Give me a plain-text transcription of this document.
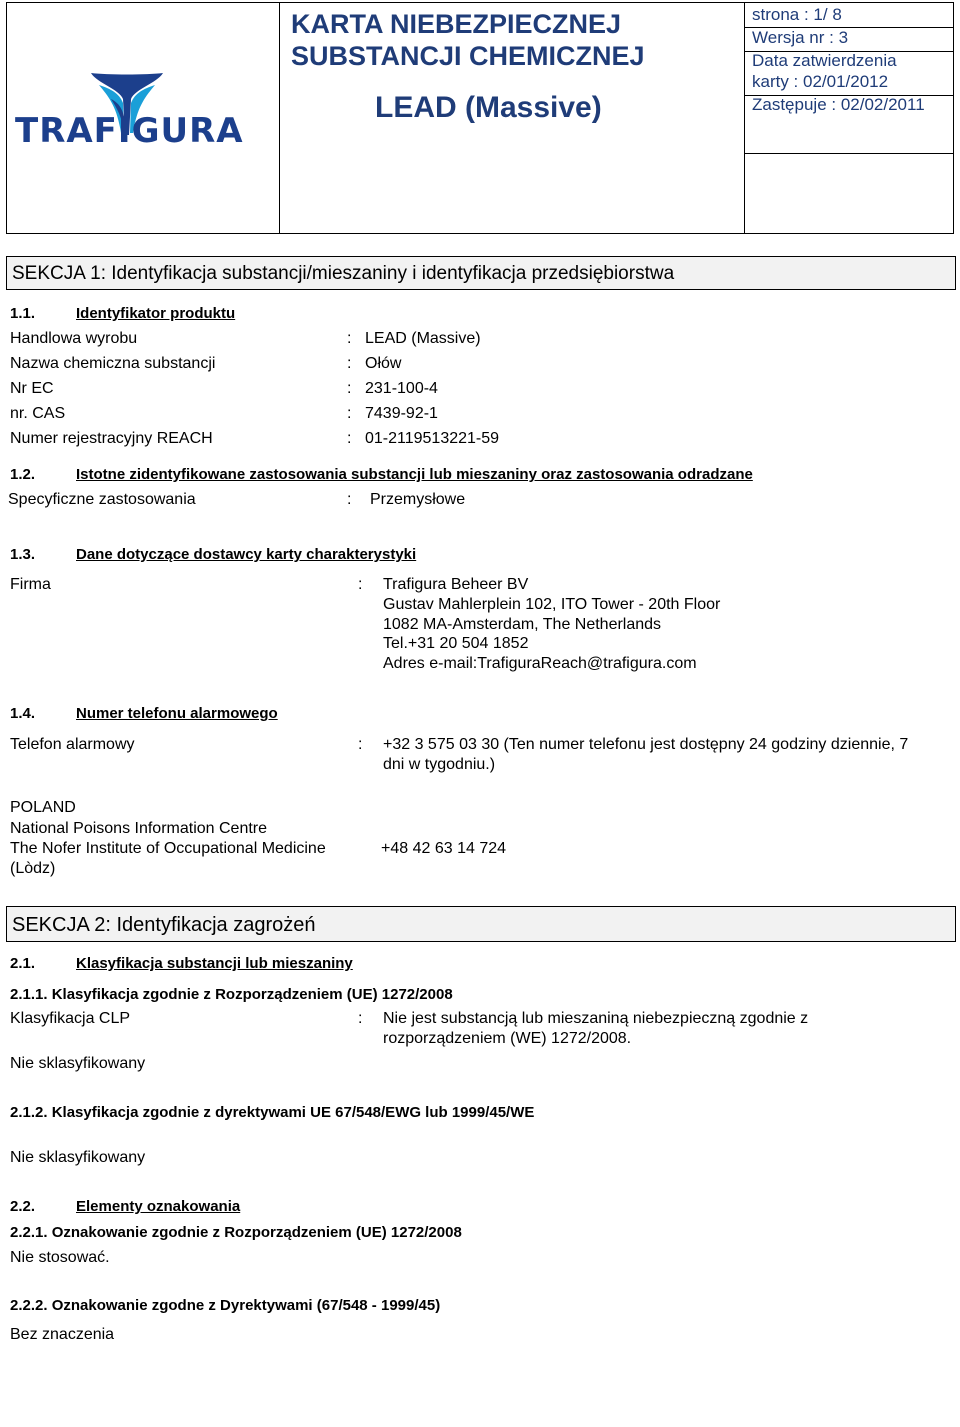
TRAFIGURA
KARTA NIEBEZPIECZNEJ
SUBSTANCJI CHEMICZNEJ
LEAD (Massive)
strona : 1/ 8
Wersja nr : 3
Data zatwierdzenia
karty : 02/01/2012
Zastępuje : 02/02/2011
SEKCJA 1: Identyfikacja substancji/mieszaniny i identyfikacja przedsiębiorstwa
1.1.	Identyfikator produktu
Handlowa wyrobu	: LEAD (Massive)
Nazwa chemiczna substancji	: Ołów
Nr EC	: 231-100-4
nr. CAS	: 7439-92-1
Numer rejestracyjny REACH	: 01-2119513221-59
1.2.	Istotne zidentyfikowane zastosowania substancji lub mieszaniny oraz zastosowania odradzane
Specyficzne zastosowania	: Przemysłowe
1.3.	Dane dotyczące dostawcy karty charakterystyki
Firma	: Trafigura Beheer BV
Gustav Mahlerplein 102, ITO Tower - 20th Floor
1082 MA-Amsterdam, The Netherlands
Tel.+31 20 504 1852
Adres e-mail:TrafiguraReach@trafigura.com
1.4.	Numer telefonu alarmowego
Telefon alarmowy	: +32 3 575 03 30 (Ten numer telefonu jest dostępny 24 godziny dziennie, 7
dni w tygodniu.)
POLAND
National Poisons Information Centre
The Nofer Institute of Occupational Medicine
(Lòdz)
+48 42 63 14 724
SEKCJA 2: Identyfikacja zagrożeń
2.1.	Klasyfikacja substancji lub mieszaniny
2.1.1. Klasyfikacja zgodnie z Rozporządzeniem (UE) 1272/2008
Klasyfikacja CLP	: Nie jest substancją lub mieszaniną niebezpieczną zgodnie z
rozporządzeniem (WE) 1272/2008.
Nie sklasyfikowany
2.1.2. Klasyfikacja zgodnie z dyrektywami UE 67/548/EWG lub 1999/45/WE
Nie sklasyfikowany
2.2.	Elementy oznakowania
2.2.1. Oznakowanie zgodnie z Rozporządzeniem (UE) 1272/2008
Nie stosować.
2.2.2. Oznakowanie zgodne z Dyrektywami (67/548 - 1999/45)
Bez znaczenia
